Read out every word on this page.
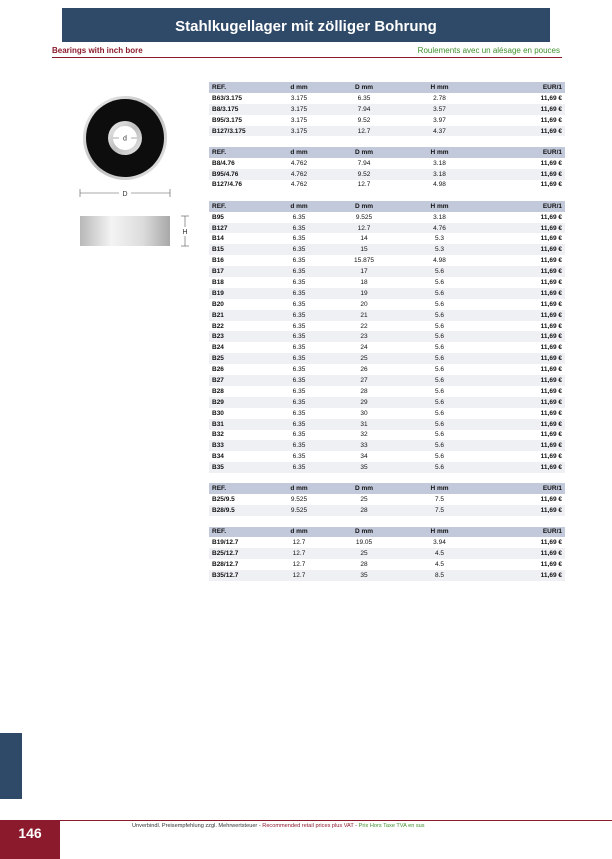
Stahlkugellager mit zölliger Bohrung
Bearings with inch bore	Roulements avec un alésage en pouces
d
D
H
REF.	d mm	D mm	H mm	EUR/1
B63/3.175	3.175	6.35	2.78	11,69 €
B8/3.175	3.175	7.94	3.57	11,69 €
B95/3.175	3.175	9.52	3.97	11,69 €
B127/3.175	3.175	12.7	4.37	11,69 €
REF.	d mm	D mm	H mm	EUR/1
B8/4.76	4.762	7.94	3.18	11,69 €
B95/4.76	4.762	9.52	3.18	11,69 €
B127/4.76	4.762	12.7	4.98	11,69 €
REF.	d mm	D mm	H mm	EUR/1
B95	6.35	9.525	3.18	11,69 €
B127	6.35	12.7	4.76	11,69 €
B14	6.35	14	5.3	11,69 €
B15	6.35	15	5.3	11,69 €
B16	6.35	15.875	4.98	11,69 €
B17	6.35	17	5.6	11,69 €
B18	6.35	18	5.6	11,69 €
B19	6.35	19	5.6	11,69 €
B20	6.35	20	5.6	11,69 €
B21	6.35	21	5.6	11,69 €
B22	6.35	22	5.6	11,69 €
B23	6.35	23	5.6	11,69 €
B24	6.35	24	5.6	11,69 €
B25	6.35	25	5.6	11,69 €
B26	6.35	26	5.6	11,69 €
B27	6.35	27	5.6	11,69 €
B28	6.35	28	5.6	11,69 €
B29	6.35	29	5.6	11,69 €
B30	6.35	30	5.6	11,69 €
B31	6.35	31	5.6	11,69 €
B32	6.35	32	5.6	11,69 €
B33	6.35	33	5.6	11,69 €
B34	6.35	34	5.6	11,69 €
B35	6.35	35	5.6	11,69 €
REF.	d mm	D mm	H mm	EUR/1
B25/9.5	9.525	25	7.5	11,69 €
B28/9.5	9.525	28	7.5	11,69 €
REF.	d mm	D mm	H mm	EUR/1
B19/12.7	12.7	19.05	3.94	11,69 €
B25/12.7	12.7	25	4.5	11,69 €
B28/12.7	12.7	28	4.5	11,69 €
B35/12.7	12.7	35	8.5	11,69 €
146	Unverbindl. Preisempfehlung zzgl. Mehrwertsteuer - Recommended retail prices plus VAT - Prix Hors Taxe TVA en sus
